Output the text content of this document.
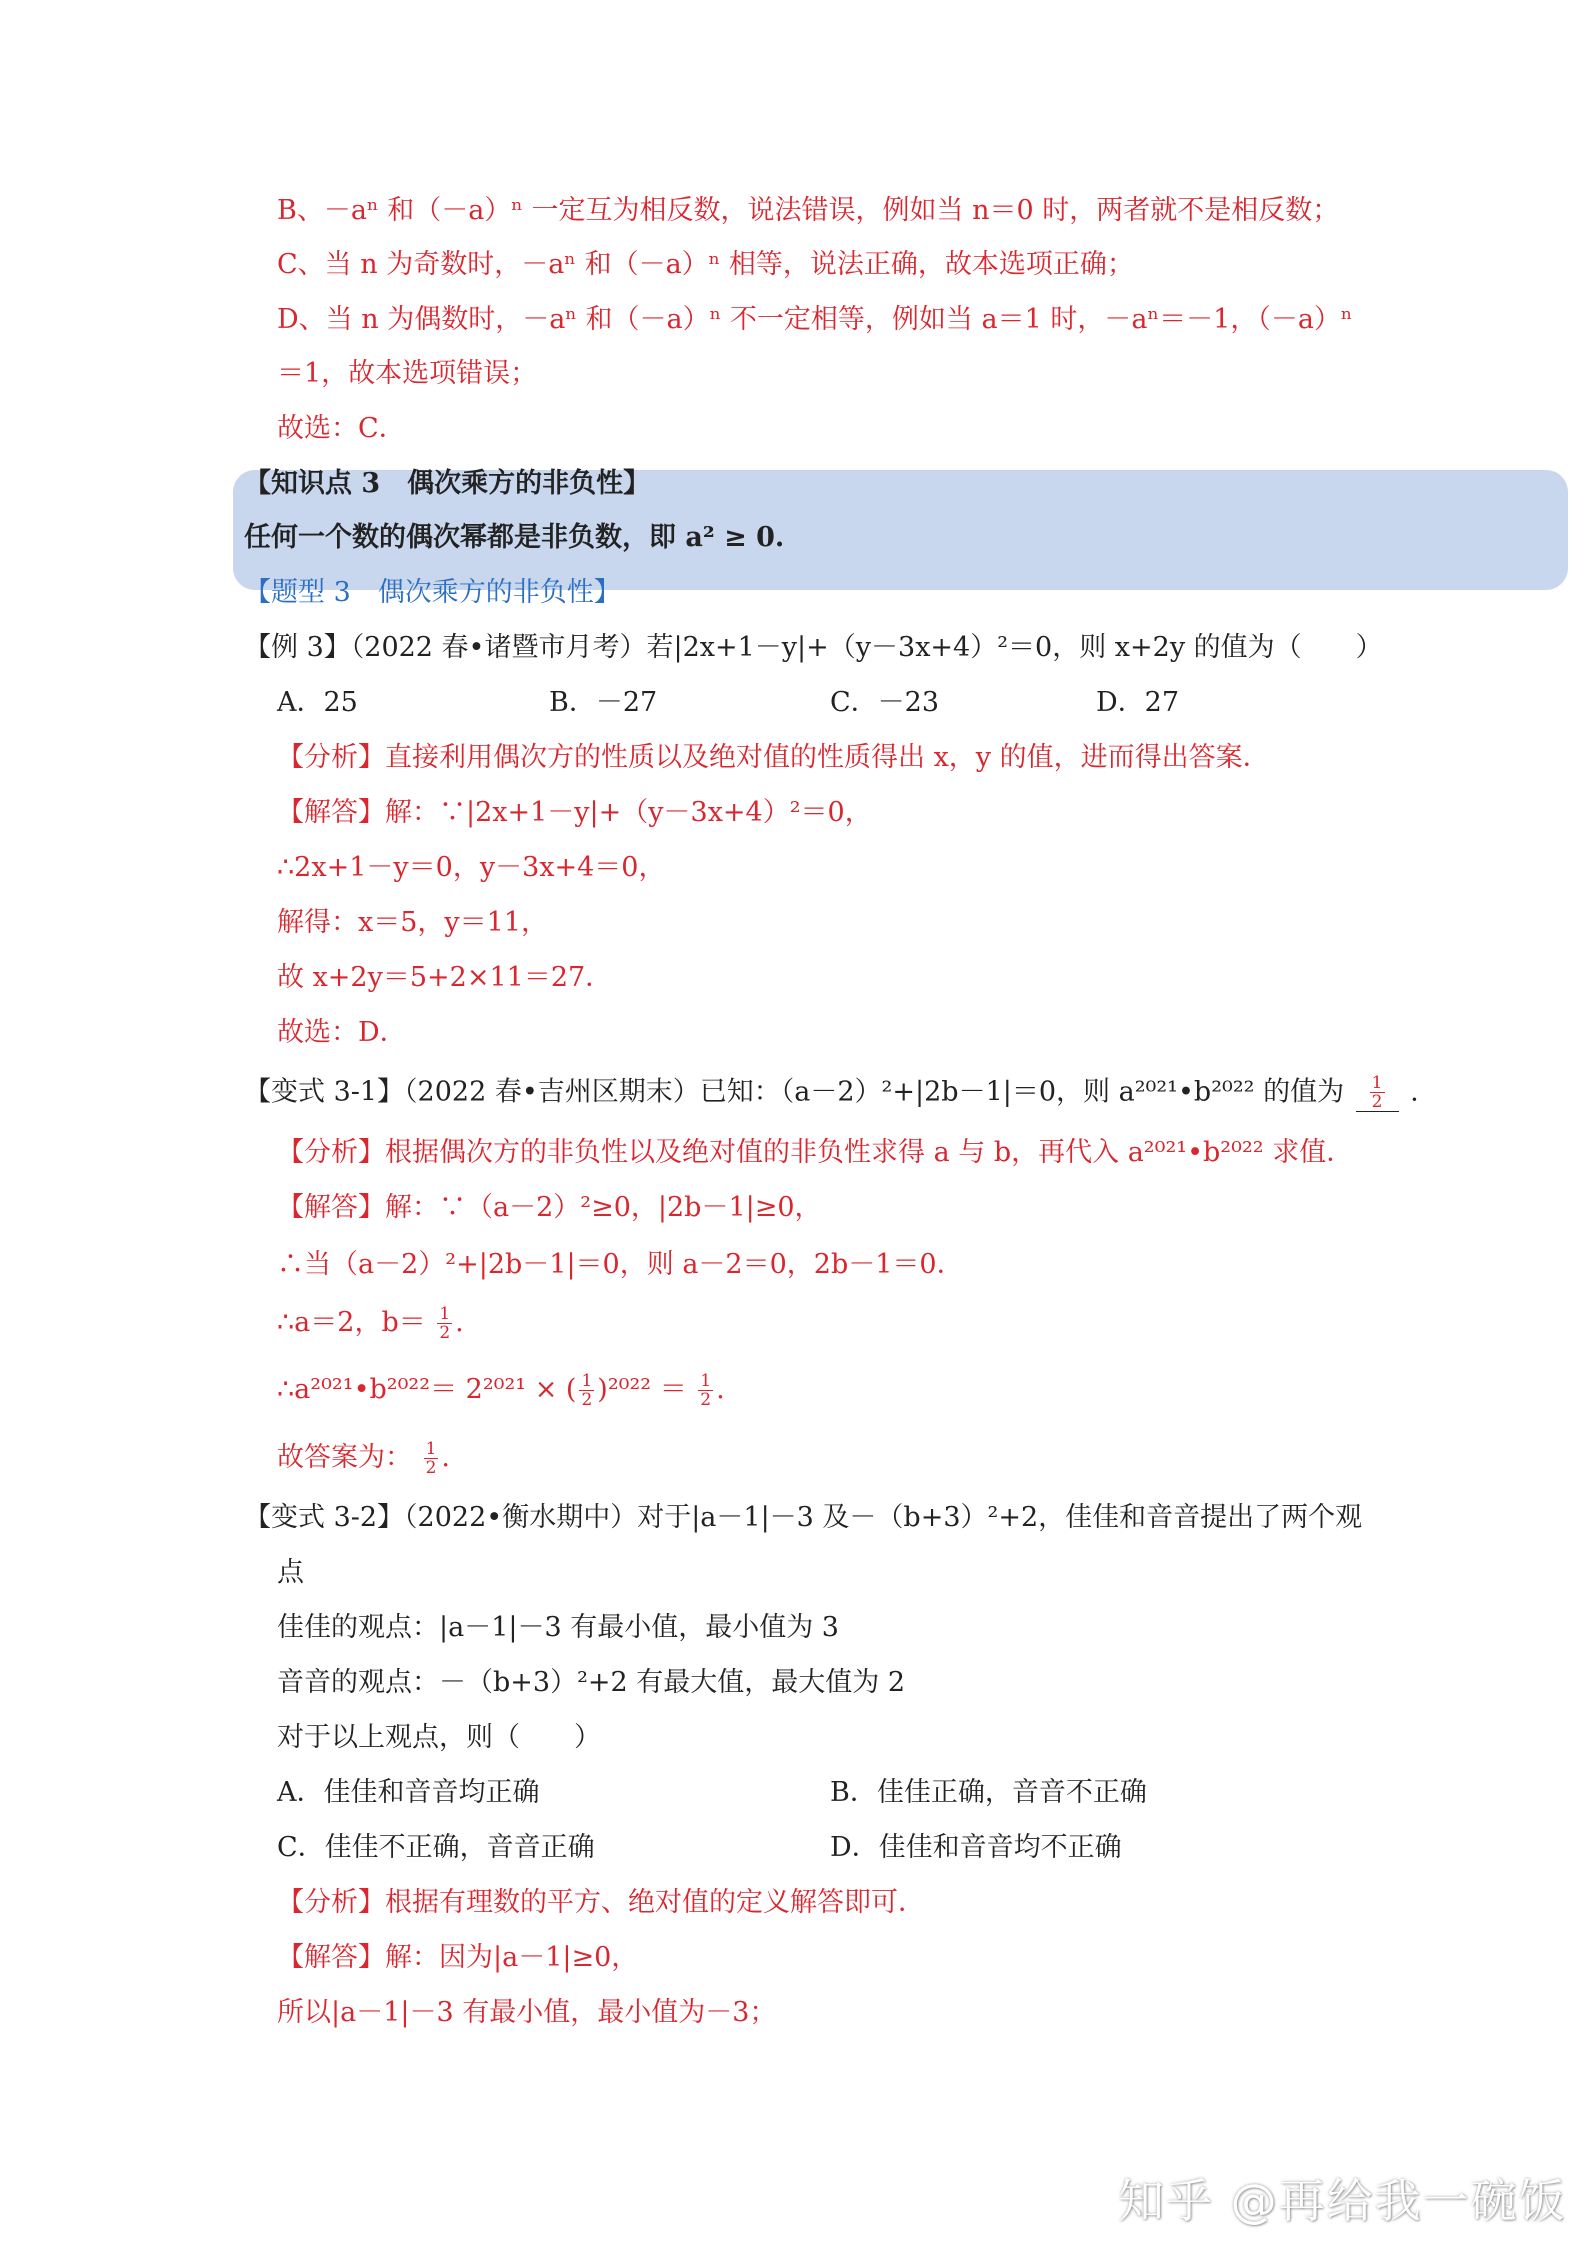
B、－aⁿ 和（－a）ⁿ 一定互为相反数，说法错误，例如当 n＝0 时，两者就不是相反数；
C、当 n 为奇数时，－aⁿ 和（－a）ⁿ 相等，说法正确，故本选项正确；
D、当 n 为偶数时，－aⁿ 和（－a）ⁿ 不一定相等，例如当 a＝1 时，－aⁿ＝－1，（－a）ⁿ
＝1，故本选项错误；
故选：C．
【知识点 3　偶次乘方的非负性】
任何一个数的偶次幂都是非负数，即 a² ≥ 0.
【题型 3　偶次乘方的非负性】
【例 3】（2022 春•诸暨市月考）若|2x+1－y|+（y－3x+4）²＝0，则 x+2y 的值为（　　）
A．25	B．－27	C．－23	D．27
【分析】直接利用偶次方的性质以及绝对值的性质得出 x，y 的值，进而得出答案．
【解答】解：∵|2x+1－y|+（y－3x+4）²＝0，
∴2x+1－y＝0，y－3x+4＝0，
解得：x＝5，y＝11，
故 x+2y＝5+2×11＝27．
故选：D．
【变式 3-1】（2022 春•吉州区期末）已知：（a－2）²+|2b－1|＝0，则 a²⁰²¹•b²⁰²² 的值为 $\frac{1}{2}$ .
【分析】根据偶次方的非负性以及绝对值的非负性求得 a 与 b，再代入 a²⁰²¹•b²⁰²² 求值．
【解答】解：∵（a－2）²≥0，|2b－1|≥0，
∴当（a－2）²+|2b－1|＝0，则 a－2＝0，2b－1＝0．
∴a＝2，$b= \frac{1}{2}$ .
∴a²⁰²¹•b²⁰²²＝ 2²⁰²¹ × ( $\frac{1}{2} )^{2022} = \frac{1}{2}$ .
故答案为： $\frac{1}{2}$ .
【变式 3-2】（2022•衡水期中）对于|a－1|－3 及－（b+3）²+2，佳佳和音音提出了两个观
点
佳佳的观点：|a－1|－3 有最小值，最小值为 3
音音的观点：－（b+3）²+2 有最大值，最大值为 2
对于以上观点，则（　　）
A．佳佳和音音均正确	B．佳佳正确，音音不正确
C．佳佳不正确，音音正确	D．佳佳和音音均不正确
【分析】根据有理数的平方、绝对值的定义解答即可．
【解答】解：因为|a－1|≥0，
所以|a－1|－3 有最小值，最小值为－3；
知乎 @再给我一碗饭
